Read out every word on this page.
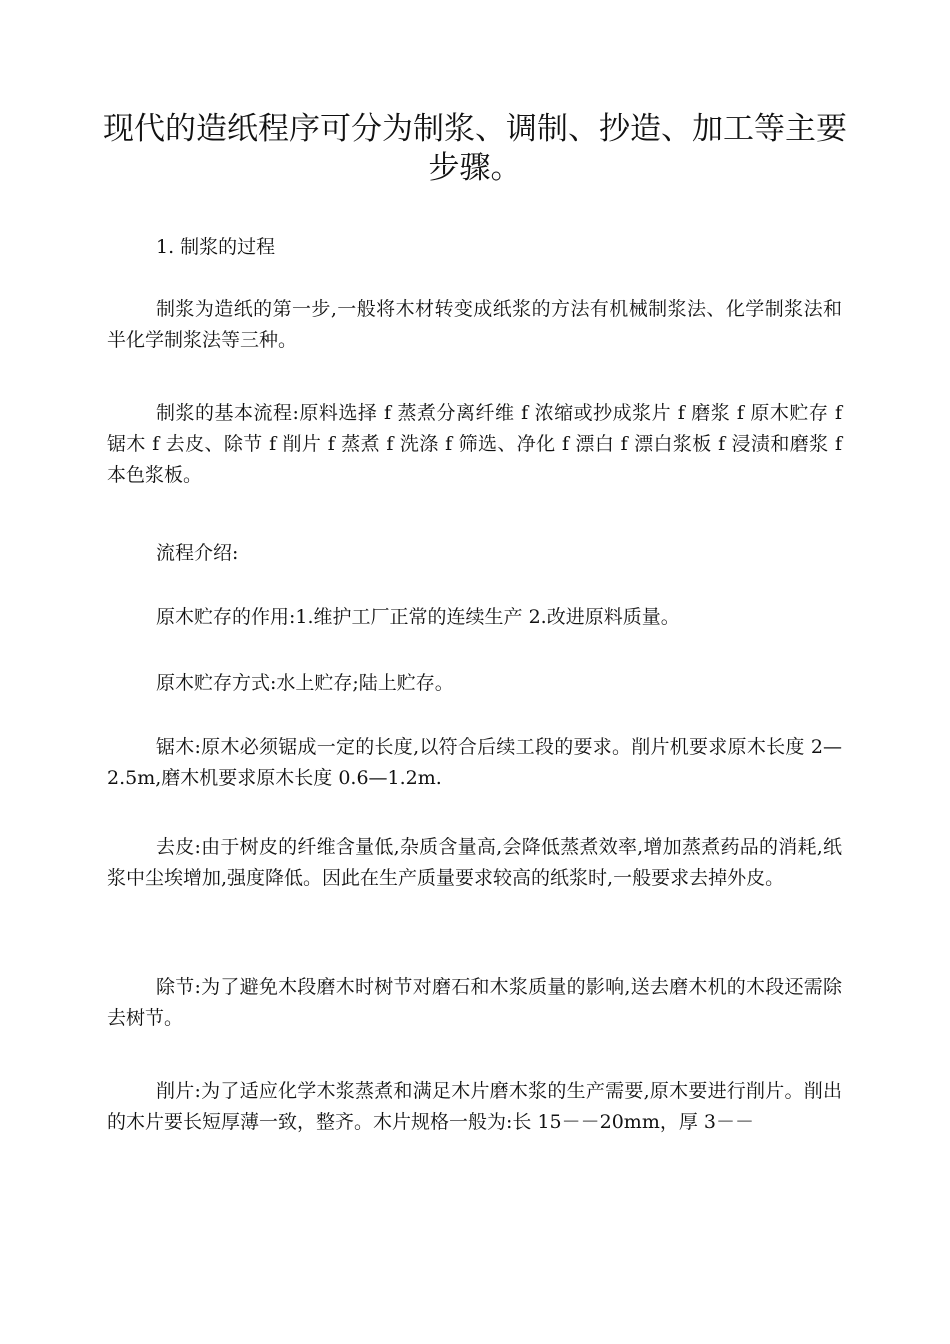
现代的造纸程序可分为制浆、调制、抄造、加工等主要步骤。

1. 制浆的过程

制浆为造纸的第一步,一般将木材转变成纸浆的方法有机械制浆法、化学制浆法和半化学制浆法等三种。

制浆的基本流程:原料选择 f 蒸煮分离纤维 f 浓缩或抄成浆片 f 磨浆 f 原木贮存 f 锯木 f 去皮、除节 f 削片 f 蒸煮 f 洗涤 f 筛选、净化 f 漂白 f 漂白浆板 f 浸渍和磨浆 f 本色浆板。

流程介绍:

原木贮存的作用:1.维护工厂正常的连续生产 2.改进原料质量。

原木贮存方式:水上贮存;陆上贮存。

锯木:原木必须锯成一定的长度,以符合后续工段的要求。削片机要求原木长度 2—2.5m,磨木机要求原木长度 0.6—1.2m.

去皮:由于树皮的纤维含量低,杂质含量高,会降低蒸煮效率,增加蒸煮药品的消耗,纸浆中尘埃增加,强度降低。因此在生产质量要求较高的纸浆时,一般要求去掉外皮。

除节:为了避免木段磨木时树节对磨石和木浆质量的影响,送去磨木机的木段还需除去树节。

削片:为了适应化学木浆蒸煮和满足木片磨木浆的生产需要,原木要进行削片。削出的木片要长短厚薄一致，整齐。木片规格一般为:长 15－－20mm，厚 3－－
